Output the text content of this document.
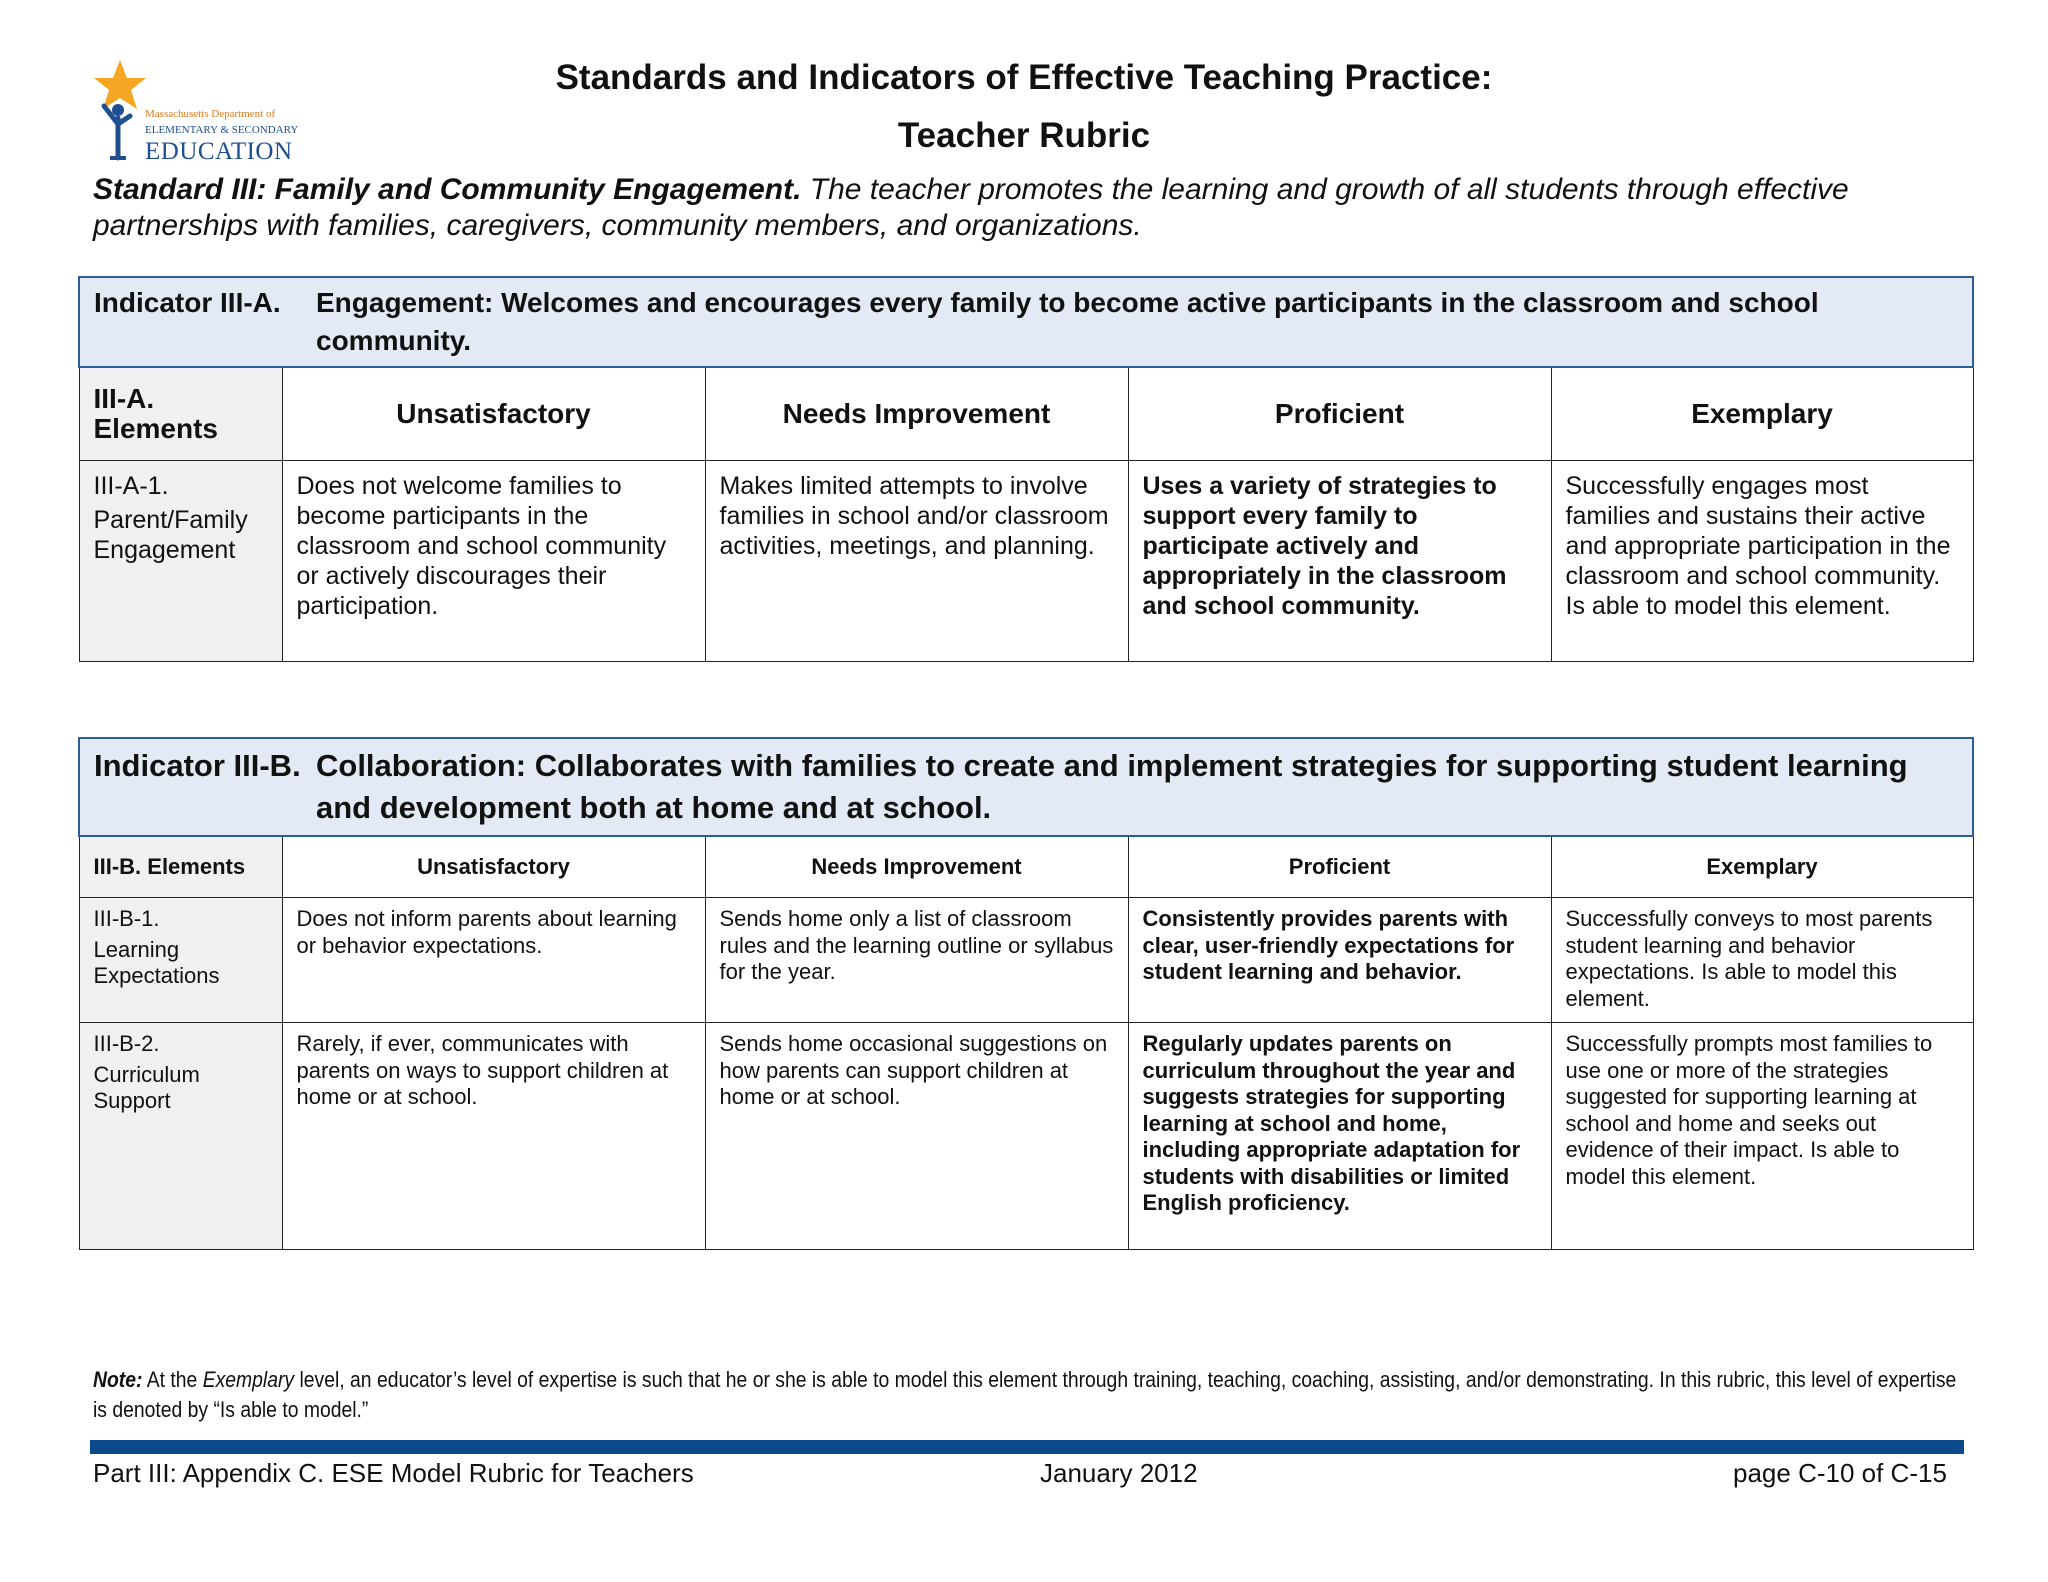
Massachusetts Department of
ELEMENTARY & SECONDARY
EDUCATION
Standards and Indicators of Effective Teaching Practice:
Teacher Rubric
Standard III: Family and Community Engagement. The teacher promotes the learning and growth of all students through effective partnerships with families, caregivers, community members, and organizations.
Indicator III-A. Engagement: Welcomes and encourages every family to become active participants in the classroom and school community.				

III-A. Elements	Unsatisfactory	Needs Improvement	Proficient	Exemplary

III-A-1.
Parent/Family Engagement	Does not welcome families to become participants in the classroom and school community or actively discourages their participation.	Makes limited attempts to involve families in school and/or classroom activities, meetings, and planning.	Uses a variety of strategies to support every family to participate actively and appropriately in the classroom and school community.	Successfully engages most families and sustains their active and appropriate participation in the classroom and school community. Is able to model this element.
Indicator III-B. Collaboration: Collaborates with families to create and implement strategies for supporting student learning and development both at home and at school.				

III-B. Elements	Unsatisfactory	Needs Improvement	Proficient	Exemplary

III-B-1.
Learning Expectations	Does not inform parents about learning or behavior expectations.	Sends home only a list of classroom rules and the learning outline or syllabus for the year.	Consistently provides parents with clear, user-friendly expectations for student learning and behavior.	Successfully conveys to most parents student learning and behavior expectations. Is able to model this element.

III-B-2.
Curriculum Support	Rarely, if ever, communicates with parents on ways to support children at home or at school.	Sends home occasional suggestions on how parents can support children at home or at school.	Regularly updates parents on curriculum throughout the year and suggests strategies for supporting learning at school and home, including appropriate adaptation for students with disabilities or limited English proficiency.	Successfully prompts most families to use one or more of the strategies suggested for supporting learning at school and home and seeks out evidence of their impact. Is able to model this element.
Note: At the Exemplary level, an educator’s level of expertise is such that he or she is able to model this element through training, teaching, coaching, assisting, and/or demonstrating. In this rubric, this level of expertise is denoted by “Is able to model.”
Part III: Appendix C. ESE Model Rubric for Teachers	January 2012	page C-10 of C-15
